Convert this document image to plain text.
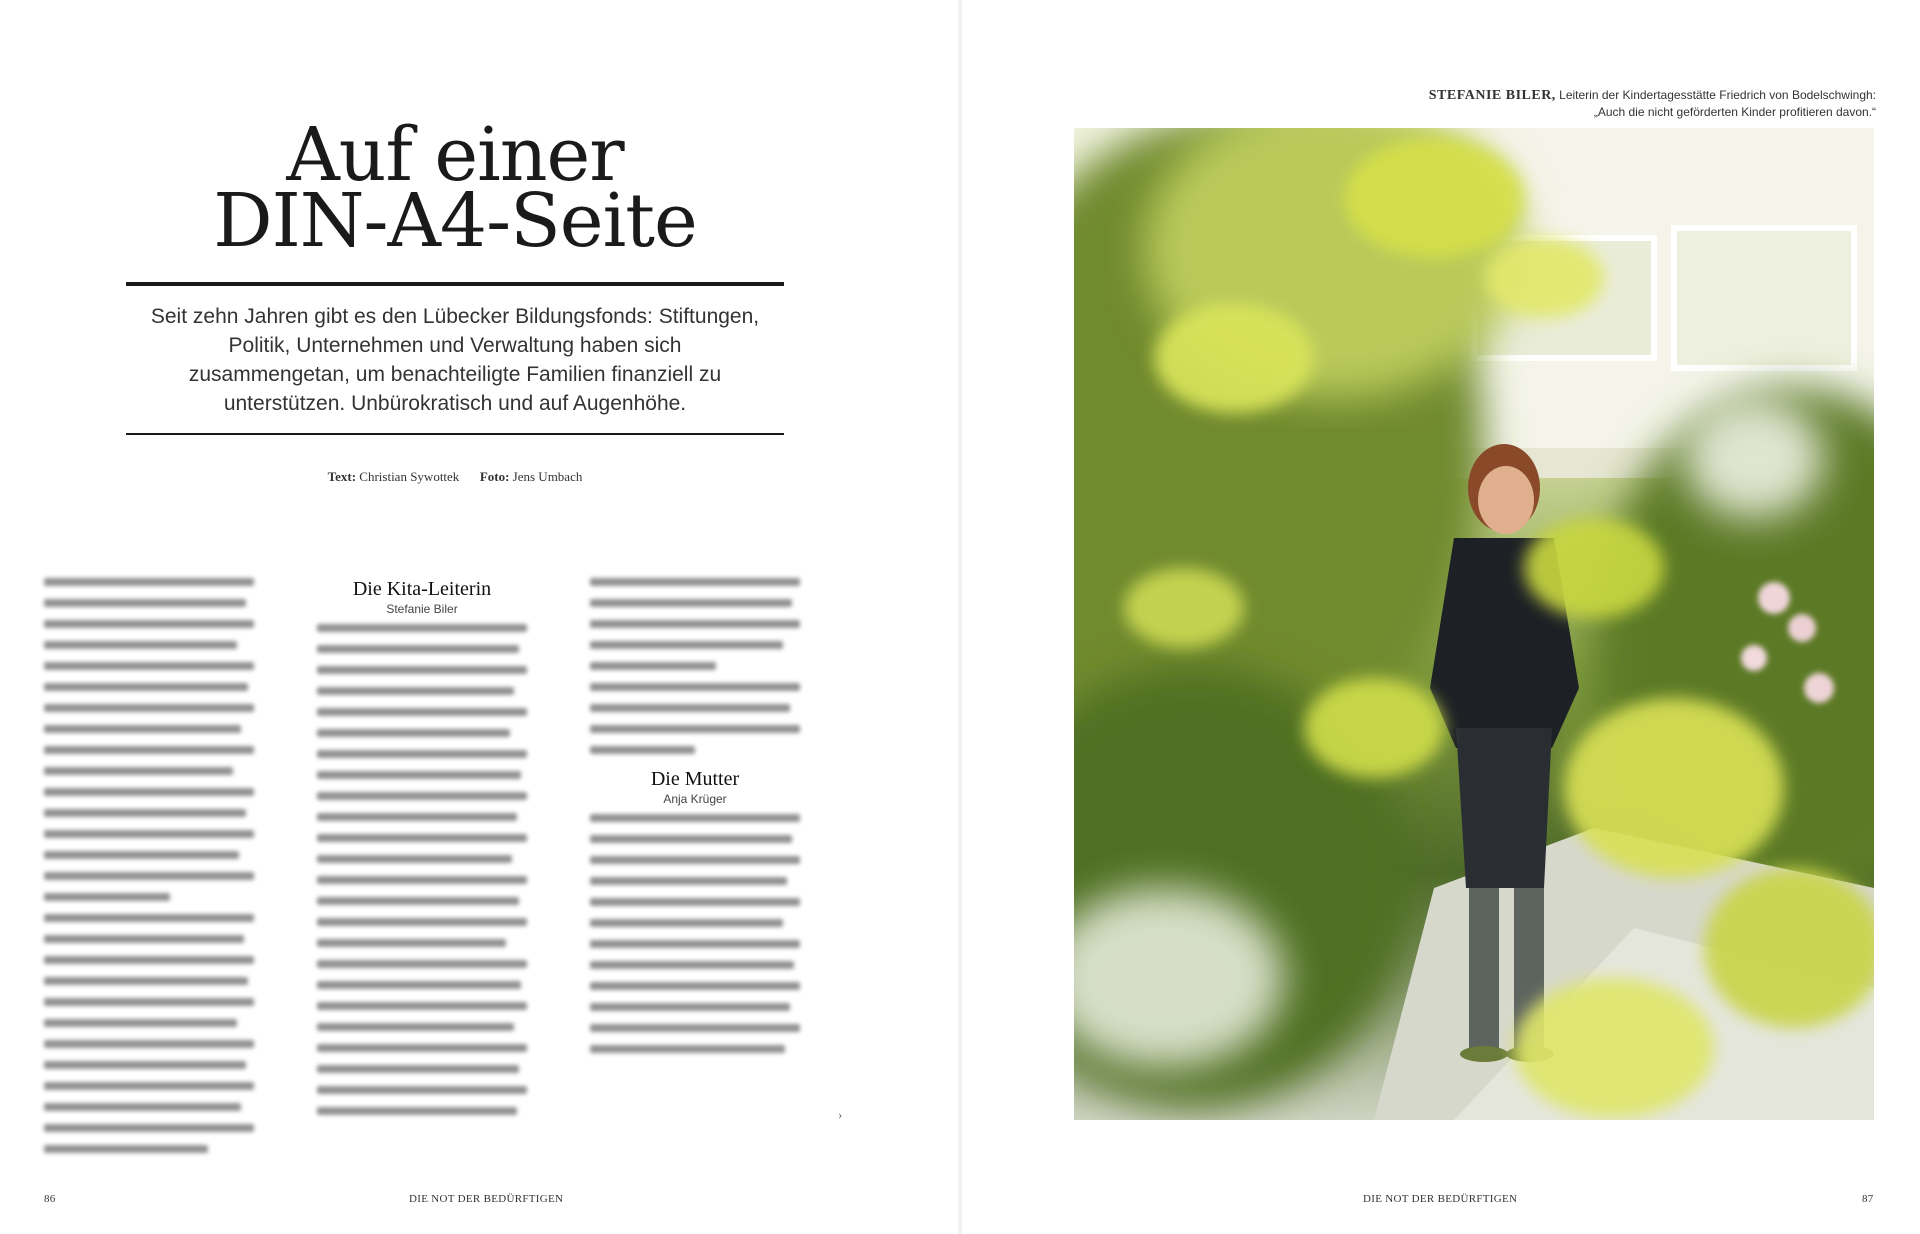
Auf einer
DIN-A4-Seite

Seit zehn Jahren gibt es den Lübecker Bildungsfonds: Stiftungen, Politik, Unternehmen und Verwaltung haben sich zusammengetan, um benachteiligte Familien finanziell zu unterstützen. Unbürokratisch und auf Augenhöhe.

Text: Christian Sywottek Foto: Jens Umbach
Die Kita-Leiterin
Stefanie Biler
Die Mutter
Anja Krüger
›
86	DIE NOT DER BEDÜRFTIGEN
STEFANIE BILER, Leiterin der Kindertagesstätte Friedrich von Bodelschwingh:
„Auch die nicht geförderten Kinder profitieren davon.“
DIE NOT DER BEDÜRFTIGEN	87
